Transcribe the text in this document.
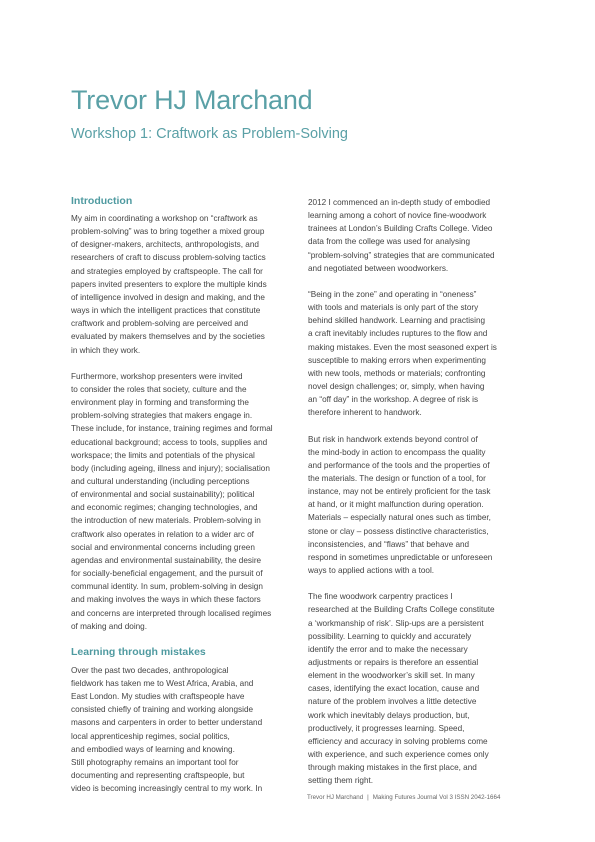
Trevor HJ Marchand
Workshop 1: Craftwork as Problem-Solving
Introduction

My aim in coordinating a workshop on “craftwork as
problem-solving” was to bring together a mixed group
of designer-makers, architects, anthropologists, and
researchers of craft to discuss problem-solving tactics
and strategies employed by craftspeople. The call for
papers invited presenters to explore the multiple kinds
of intelligence involved in design and making, and the
ways in which the intelligent practices that constitute
craftwork and problem-solving are perceived and
evaluated by makers themselves and by the societies
in which they work.

Furthermore, workshop presenters were invited
to consider the roles that society, culture and the
environment play in forming and transforming the
problem-solving strategies that makers engage in.
These include, for instance, training regimes and formal
educational background; access to tools, supplies and
workspace; the limits and potentials of the physical
body (including ageing, illness and injury); socialisation
and cultural understanding (including perceptions
of environmental and social sustainability); political
and economic regimes; changing technologies, and
the introduction of new materials. Problem-solving in
craftwork also operates in relation to a wider arc of
social and environmental concerns including green
agendas and environmental sustainability, the desire
for socially-beneficial engagement, and the pursuit of
communal identity. In sum, problem-solving in design
and making involves the ways in which these factors
and concerns are interpreted through localised regimes
of making and doing.

Learning through mistakes

Over the past two decades, anthropological
fieldwork has taken me to West Africa, Arabia, and
East London. My studies with craftspeople have
consisted chiefly of training and working alongside
masons and carpenters in order to better understand
local apprenticeship regimes, social politics,
and embodied ways of learning and knowing.
Still photography remains an important tool for
documenting and representing craftspeople, but
video is becoming increasingly central to my work. In

2012 I commenced an in-depth study of embodied
learning among a cohort of novice fine-woodwork
trainees at London’s Building Crafts College. Video
data from the college was used for analysing
“problem-solving” strategies that are communicated
and negotiated between woodworkers.

“Being in the zone” and operating in “oneness”
with tools and materials is only part of the story
behind skilled handwork. Learning and practising
a craft inevitably includes ruptures to the flow and
making mistakes. Even the most seasoned expert is
susceptible to making errors when experimenting
with new tools, methods or materials; confronting
novel design challenges; or, simply, when having
an “off day” in the workshop. A degree of risk is
therefore inherent to handwork.

But risk in handwork extends beyond control of
the mind-body in action to encompass the quality
and performance of the tools and the properties of
the materials. The design or function of a tool, for
instance, may not be entirely proficient for the task
at hand, or it might malfunction during operation.
Materials – especially natural ones such as timber,
stone or clay – possess distinctive characteristics,
inconsistencies, and “flaws” that behave and
respond in sometimes unpredictable or unforeseen
ways to applied actions with a tool.

The fine woodwork carpentry practices I
researched at the Building Crafts College constitute
a ‘workmanship of risk’. Slip-ups are a persistent
possibility. Learning to quickly and accurately
identify the error and to make the necessary
adjustments or repairs is therefore an essential
element in the woodworker’s skill set. In many
cases, identifying the exact location, cause and
nature of the problem involves a little detective
work which inevitably delays production, but,
productively, it progresses learning. Speed,
efficiency and accuracy in solving problems come
with experience, and such experience comes only
through making mistakes in the first place, and
setting them right.

Trevor HJ Marchand | Making Futures Journal Vol 3 ISSN 2042-1664
